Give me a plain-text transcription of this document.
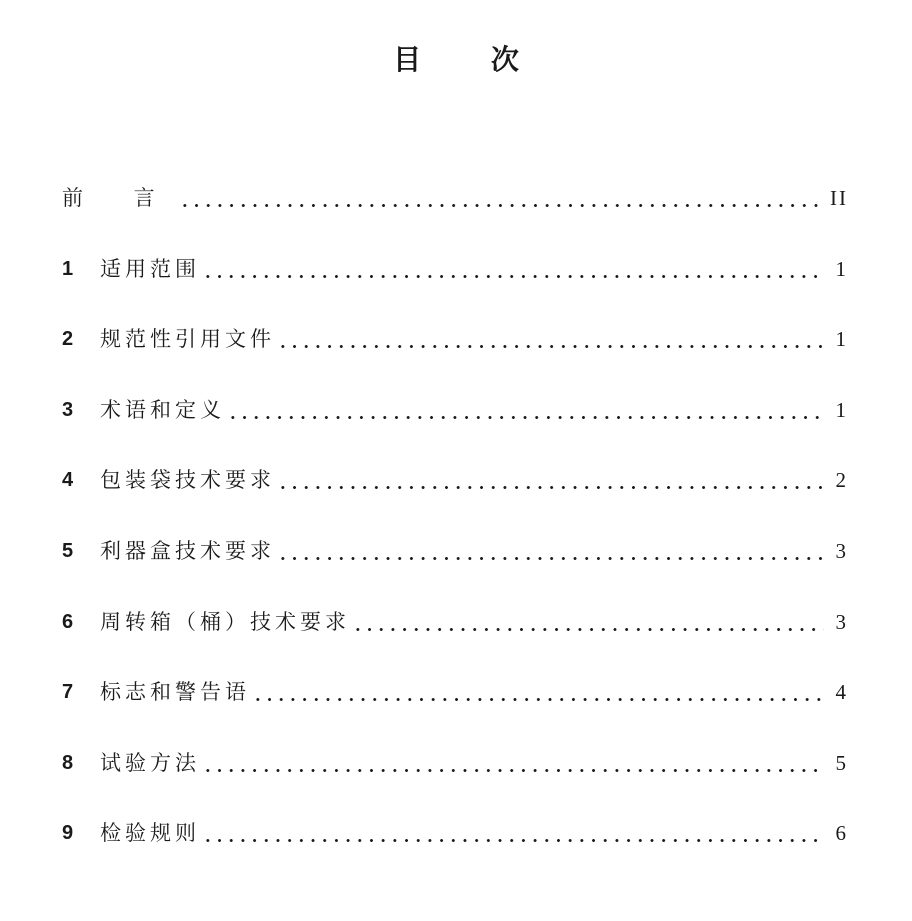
目 次
前 言	II
1	适用范围	1
2	规范性引用文件	1
3	术语和定义	1
4	包装袋技术要求	2
5	利器盒技术要求	3
6	周转箱（桶）技术要求	3
7	标志和警告语	4
8	试验方法	5
9	检验规则	6
